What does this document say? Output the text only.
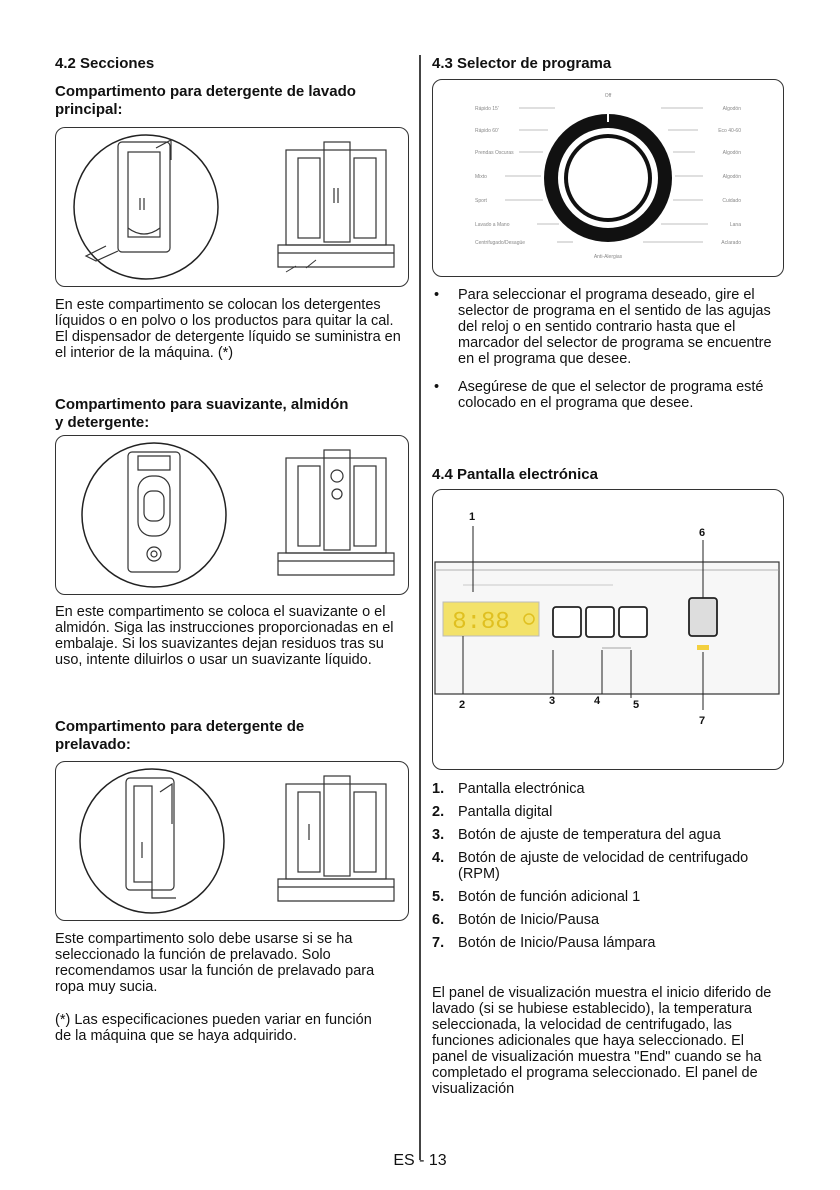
4.2 Secciones
Compartimento para detergente de lavado principal:
En este compartimento se colocan los detergentes líquidos o en polvo o los productos para quitar la cal. El dispensador de detergente líquido se suministra en el interior de la máquina. (*)
Compartimento para suavizante, almidón y detergente:
En este compartimento se coloca el suavizante o el almidón. Siga las instrucciones proporcionadas en el embalaje. Si los suavizantes dejan residuos tras su uso, intente diluirlos o usar un suavizante líquido.
Compartimento para detergente de prelavado:
Este compartimento solo debe usarse si se ha seleccionado la función de prelavado. Solo recomendamos usar la función de prelavado para ropa muy sucia.
(*) Las especificaciones pueden variar en función de la máquina que se haya adquirido.
4.3 Selector de programa
Off
Rápido 15'
Rápido 60'
Prendas Oscuras
Mixto
Sport
Lavado a Mano
Centrifugado/Desagüe
Algodón
Eco 40-60
Algodón
Algodón
Cuidado
Lana
Aclarado
Anti-Alergias
• Para seleccionar el programa deseado, gire el selector de programa en el sentido de las agujas del reloj o en sentido contrario hasta que el marcador del selector de programa se encuentre en el programa que desee.
• Asegúrese de que el selector de programa esté colocado en el programa que desee.
4.4 Pantalla electrónica
8:88
1
2	3	4	5
6
7
1. Pantalla electrónica
2. Pantalla digital
3. Botón de ajuste de temperatura del agua
4. Botón de ajuste de velocidad de centrifugado (RPM)
5. Botón de función adicional 1
6. Botón de Inicio/Pausa
7. Botón de Inicio/Pausa lámpara
El panel de visualización muestra el inicio diferido de lavado (si se hubiese establecido), la temperatura seleccionada, la velocidad de centrifugado, las funciones adicionales que haya seleccionado. El panel de visualización muestra "End" cuando se ha completado el programa seleccionado. El panel de visualización
ES - 13
